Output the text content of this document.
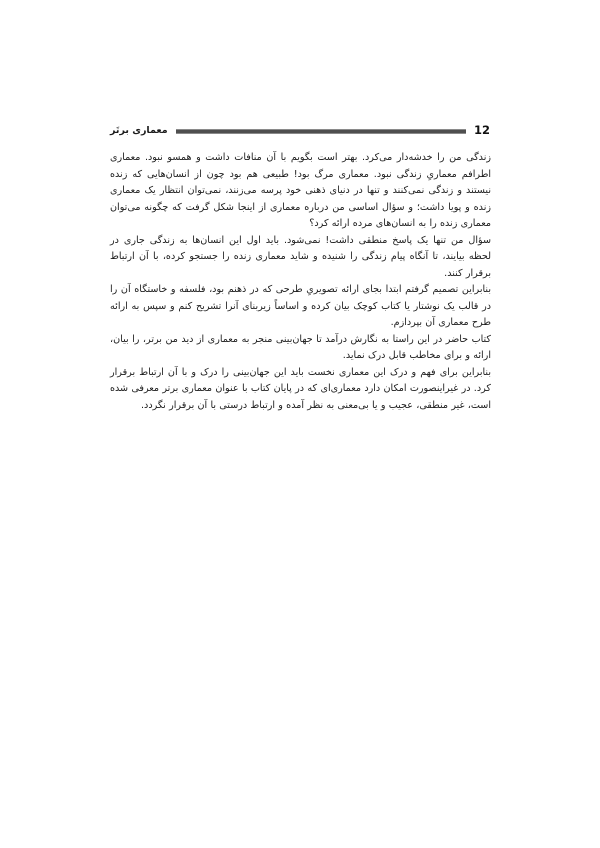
معماری برتَر	12

زندگی من را خدشه‌دار می‌کرد. بهتر است بگویم با آن منافات داشت و همسو نبود. معماری اطرافم معماریِ زندگی نبود. معماری مرگ بود! طبیعی هم بود چون از انسان‌هایی که زنده نیستند و زندگی نمی‌کنند و تنها در دنیای ذهنی خود پرسه می‌زنند، نمی‌توان انتظار یک معماری زنده و پویا داشت؛ و سؤال اساسی من درباره معماری از اینجا شکل گرفت که چگونه می‌توان معماری زنده را به انسان‌های مرده ارائه کرد؟

سؤال من تنها یک پاسخ منطقی داشت! نمی‌شود. باید اول این انسان‌ها به زندگی جاری در لحظه بیایند، تا آنگاه پیام زندگی را شنیده و شاید معماری زنده را جستجو کرده، با آن ارتباط برقرار کنند.

بنابراین تصمیم گرفتم ابتدا بجای ارائه تصویریِ طرحی که در ذهنم بود، فلسفه و خاستگاه آن را در قالب یک نوشتار یا کتاب کوچک بیان کرده و اساساً زیربنای آنرا تشریح کنم و سپس به ارائه طرح معماری آن بپردازم.

کتاب حاضر در این راستا به نگارش درآمد تا جهان‌بینی منجر به معماری از دید من برتر، را بیان، ارائه و برای مخاطب قابل درک نماید.

بنابراین برای فهم و درک این معماری نخست باید این جهان‌بینی را درک و با آن ارتباط برقرار کرد. در غیراینصورت امکان دارد معماری‌ای که در پایان کتاب با عنوان معماری برتر معرفی شده است، غیر منطقی، عجیب و یا بی‌معنی به نظر آمده و ارتباط درستی با آن برقرار نگردد.
